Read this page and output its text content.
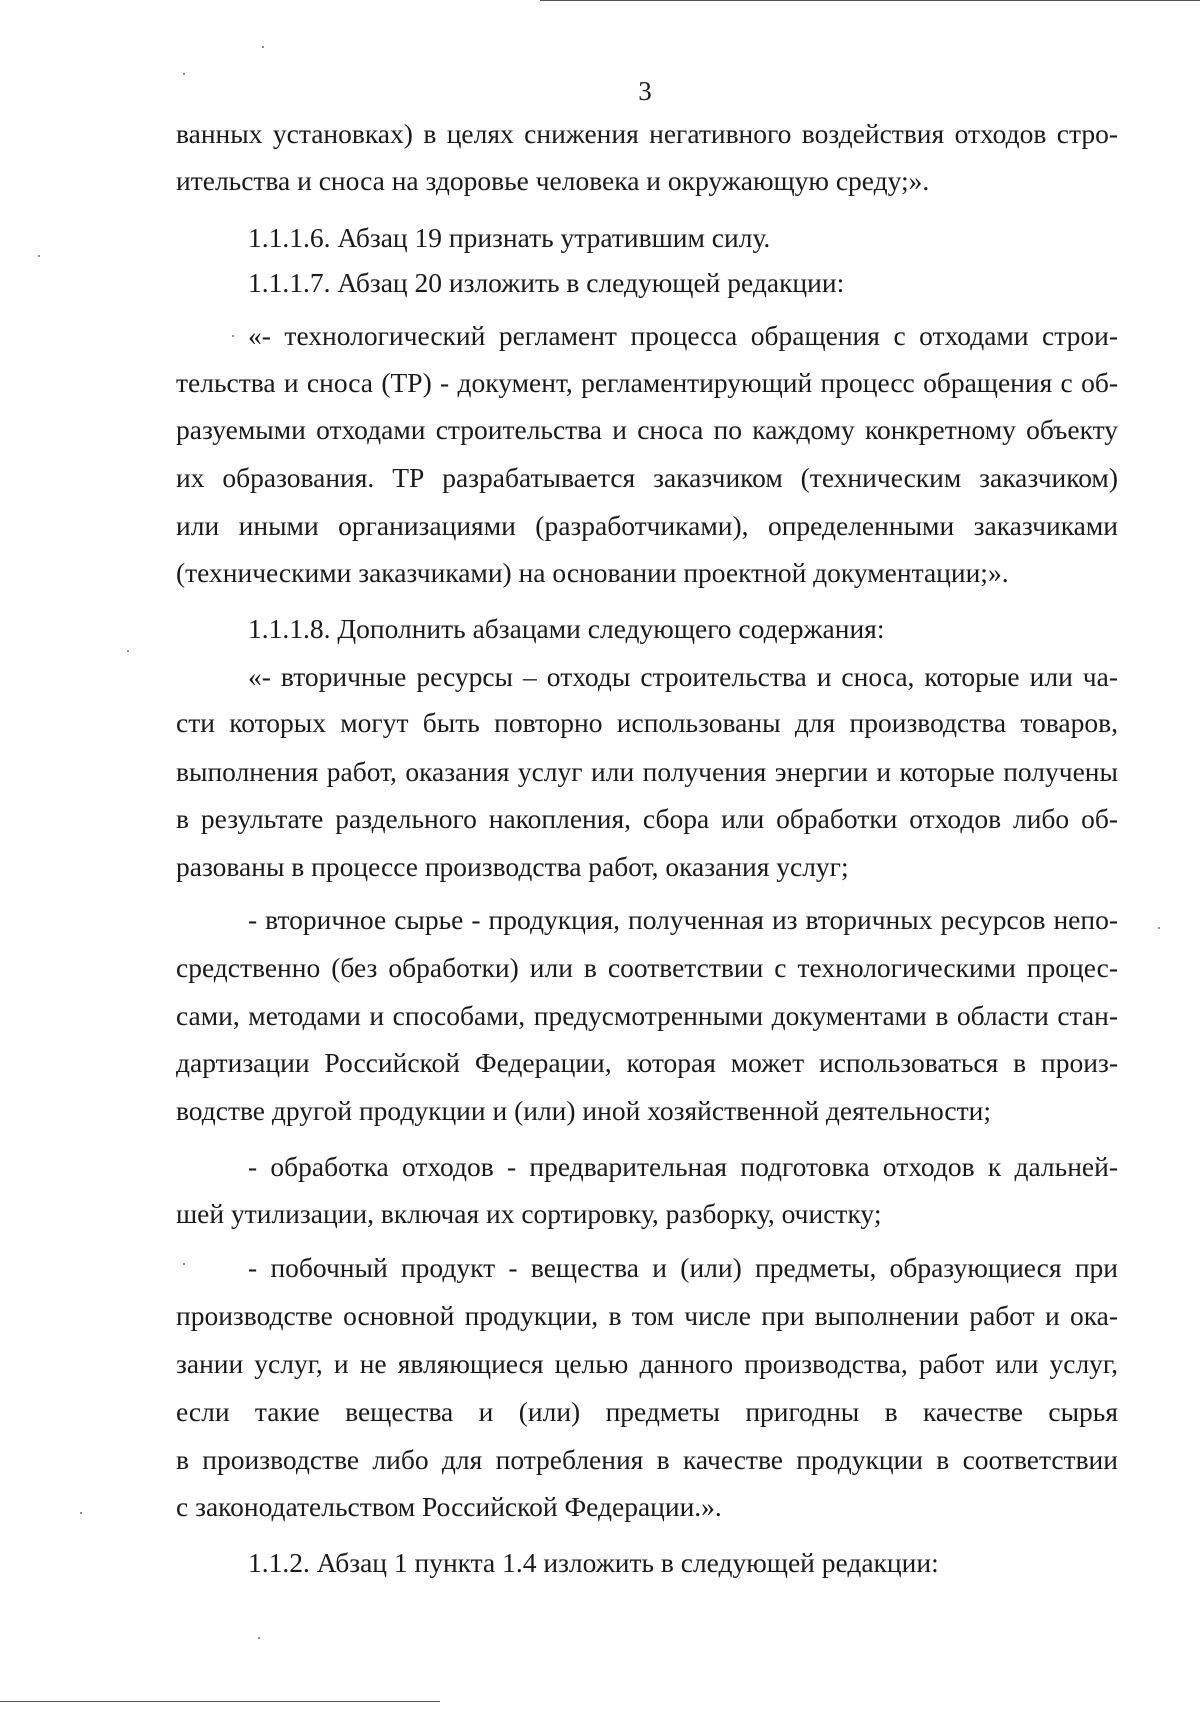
3
ванных установках) в целях снижения негативного воздействия отходов стро-
ительства и сноса на здоровье человека и окружающую среду;».
1.1.1.6. Абзац 19 признать утратившим силу.
1.1.1.7. Абзац 20 изложить в следующей редакции:
«- технологический регламент процесса обращения с отходами строи-
тельства и сноса (ТР) - документ, регламентирующий процесс обращения с об-
разуемыми отходами строительства и сноса по каждому конкретному объекту
их образования. ТР разрабатывается заказчиком (техническим заказчиком)
или иными организациями (разработчиками), определенными заказчиками
(техническими заказчиками) на основании проектной документации;».
1.1.1.8. Дополнить абзацами следующего содержания:
«- вторичные ресурсы – отходы строительства и сноса, которые или ча-
сти которых могут быть повторно использованы для производства товаров,
выполнения работ, оказания услуг или получения энергии и которые получены
в результате раздельного накопления, сбора или обработки отходов либо об-
разованы в процессе производства работ, оказания услуг;
- вторичное сырье - продукция, полученная из вторичных ресурсов непо-
средственно (без обработки) или в соответствии с технологическими процес-
сами, методами и способами, предусмотренными документами в области стан-
дартизации Российской Федерации, которая может использоваться в произ-
водстве другой продукции и (или) иной хозяйственной деятельности;
- обработка отходов - предварительная подготовка отходов к дальней-
шей утилизации, включая их сортировку, разборку, очистку;
- побочный продукт - вещества и (или) предметы, образующиеся при
производстве основной продукции, в том числе при выполнении работ и ока-
зании услуг, и не являющиеся целью данного производства, работ или услуг,
если такие вещества и (или) предметы пригодны в качестве сырья
в производстве либо для потребления в качестве продукции в соответствии
с законодательством Российской Федерации.».
1.1.2. Абзац 1 пункта 1.4 изложить в следующей редакции:
